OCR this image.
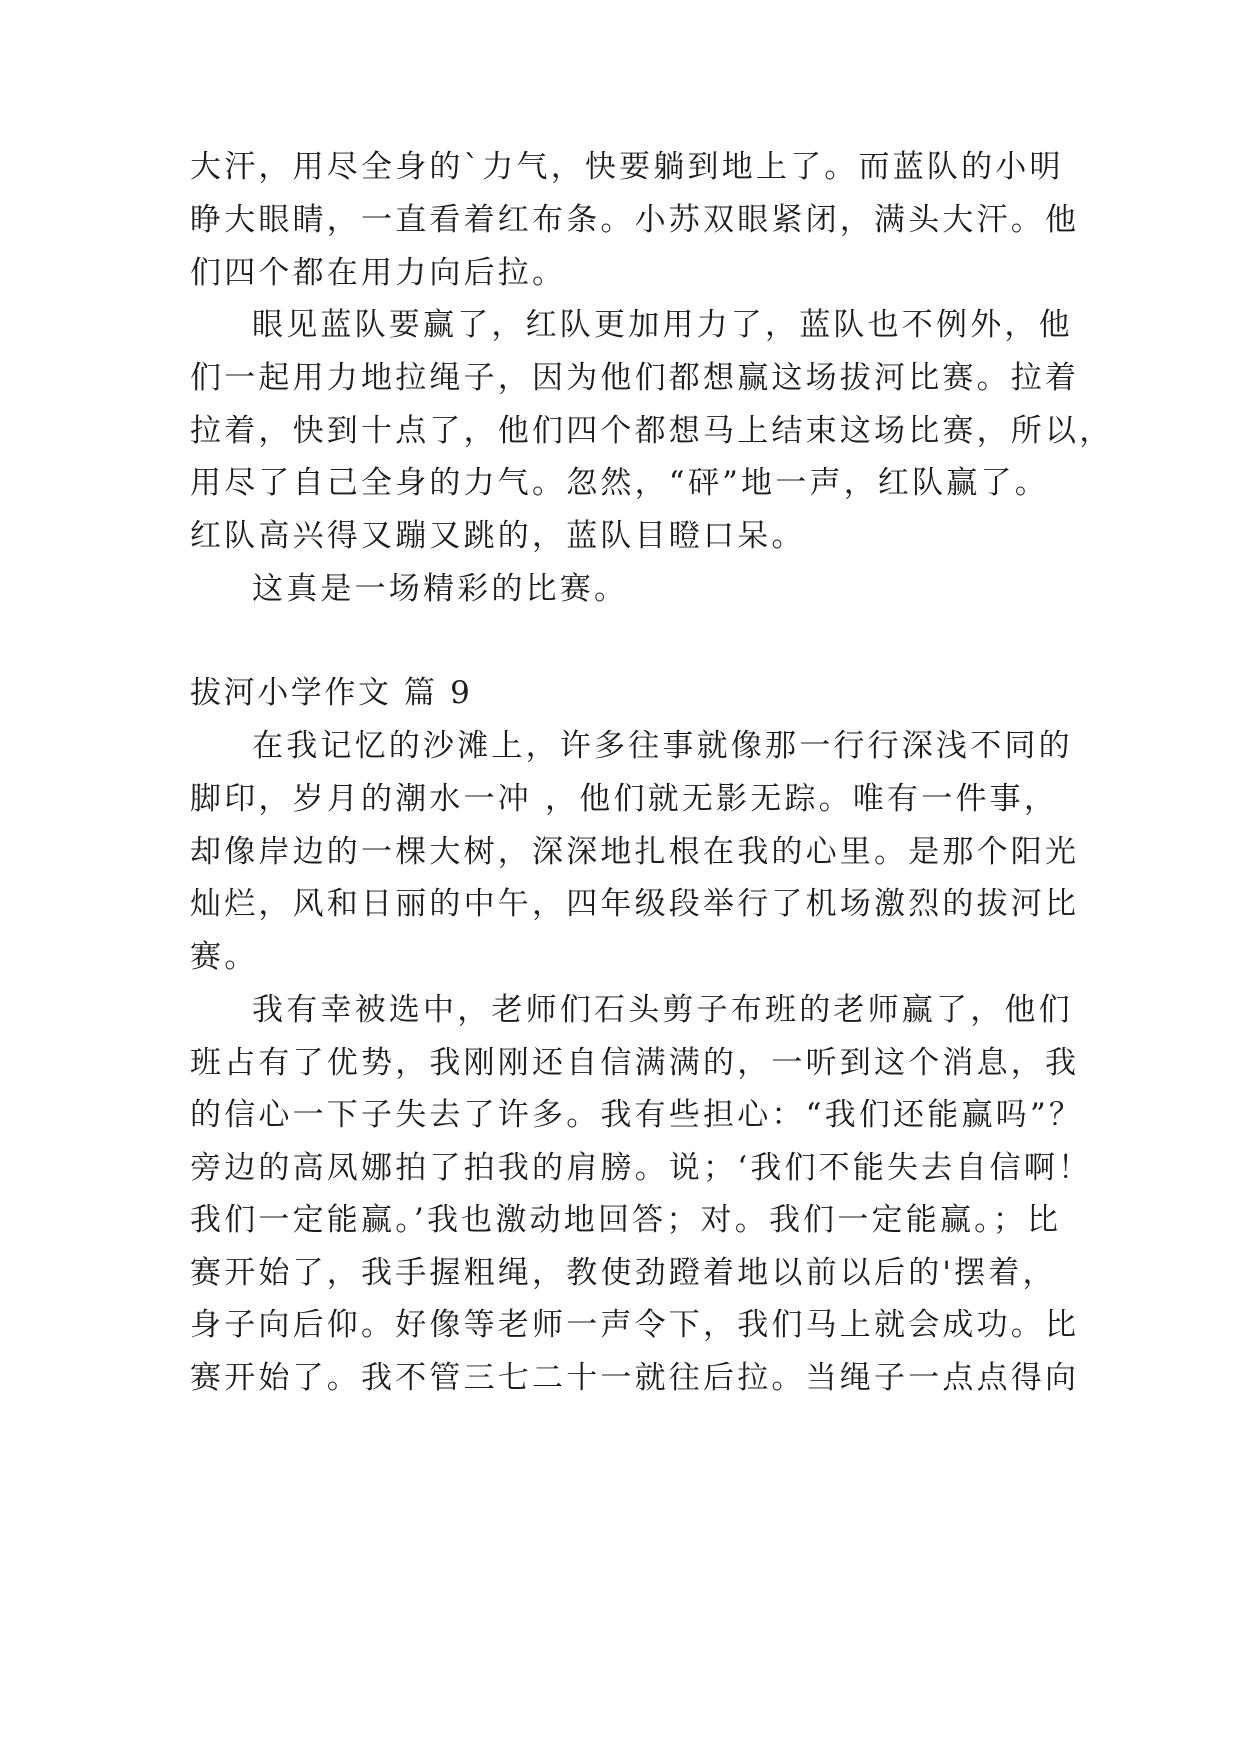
大汗，用尽全身的`力气，快要躺到地上了。而蓝队的小明
睁大眼睛，一直看着红布条。小苏双眼紧闭，满头大汗。他
们四个都在用力向后拉。
眼见蓝队要赢了，红队更加用力了，蓝队也不例外，他
们一起用力地拉绳子，因为他们都想赢这场拔河比赛。拉着
拉着，快到十点了，他们四个都想马上结束这场比赛，所以，
用尽了自己全身的力气。忽然，“砰”地一声，红队赢了。
红队高兴得又蹦又跳的，蓝队目瞪口呆。
这真是一场精彩的比赛。
拔河小学作文 篇 9
在我记忆的沙滩上，许多往事就像那一行行深浅不同的
脚印，岁月的潮水一冲 ，他们就无影无踪。唯有一件事，
却像岸边的一棵大树，深深地扎根在我的心里。是那个阳光
灿烂，风和日丽的中午，四年级段举行了机场激烈的拔河比
赛。
我有幸被选中，老师们石头剪子布班的老师赢了，他们
班占有了优势，我刚刚还自信满满的，一听到这个消息，我
的信心一下子失去了许多。我有些担心：“我们还能赢吗”？
旁边的高凤娜拍了拍我的肩膀。说；‘我们不能失去自信啊！
我们一定能赢。’我也激动地回答；对。我们一定能赢。；比
赛开始了，我手握粗绳，教使劲蹬着地以前以后的'摆着，
身子向后仰。好像等老师一声令下，我们马上就会成功。比
赛开始了。我不管三七二十一就往后拉。当绳子一点点得向
